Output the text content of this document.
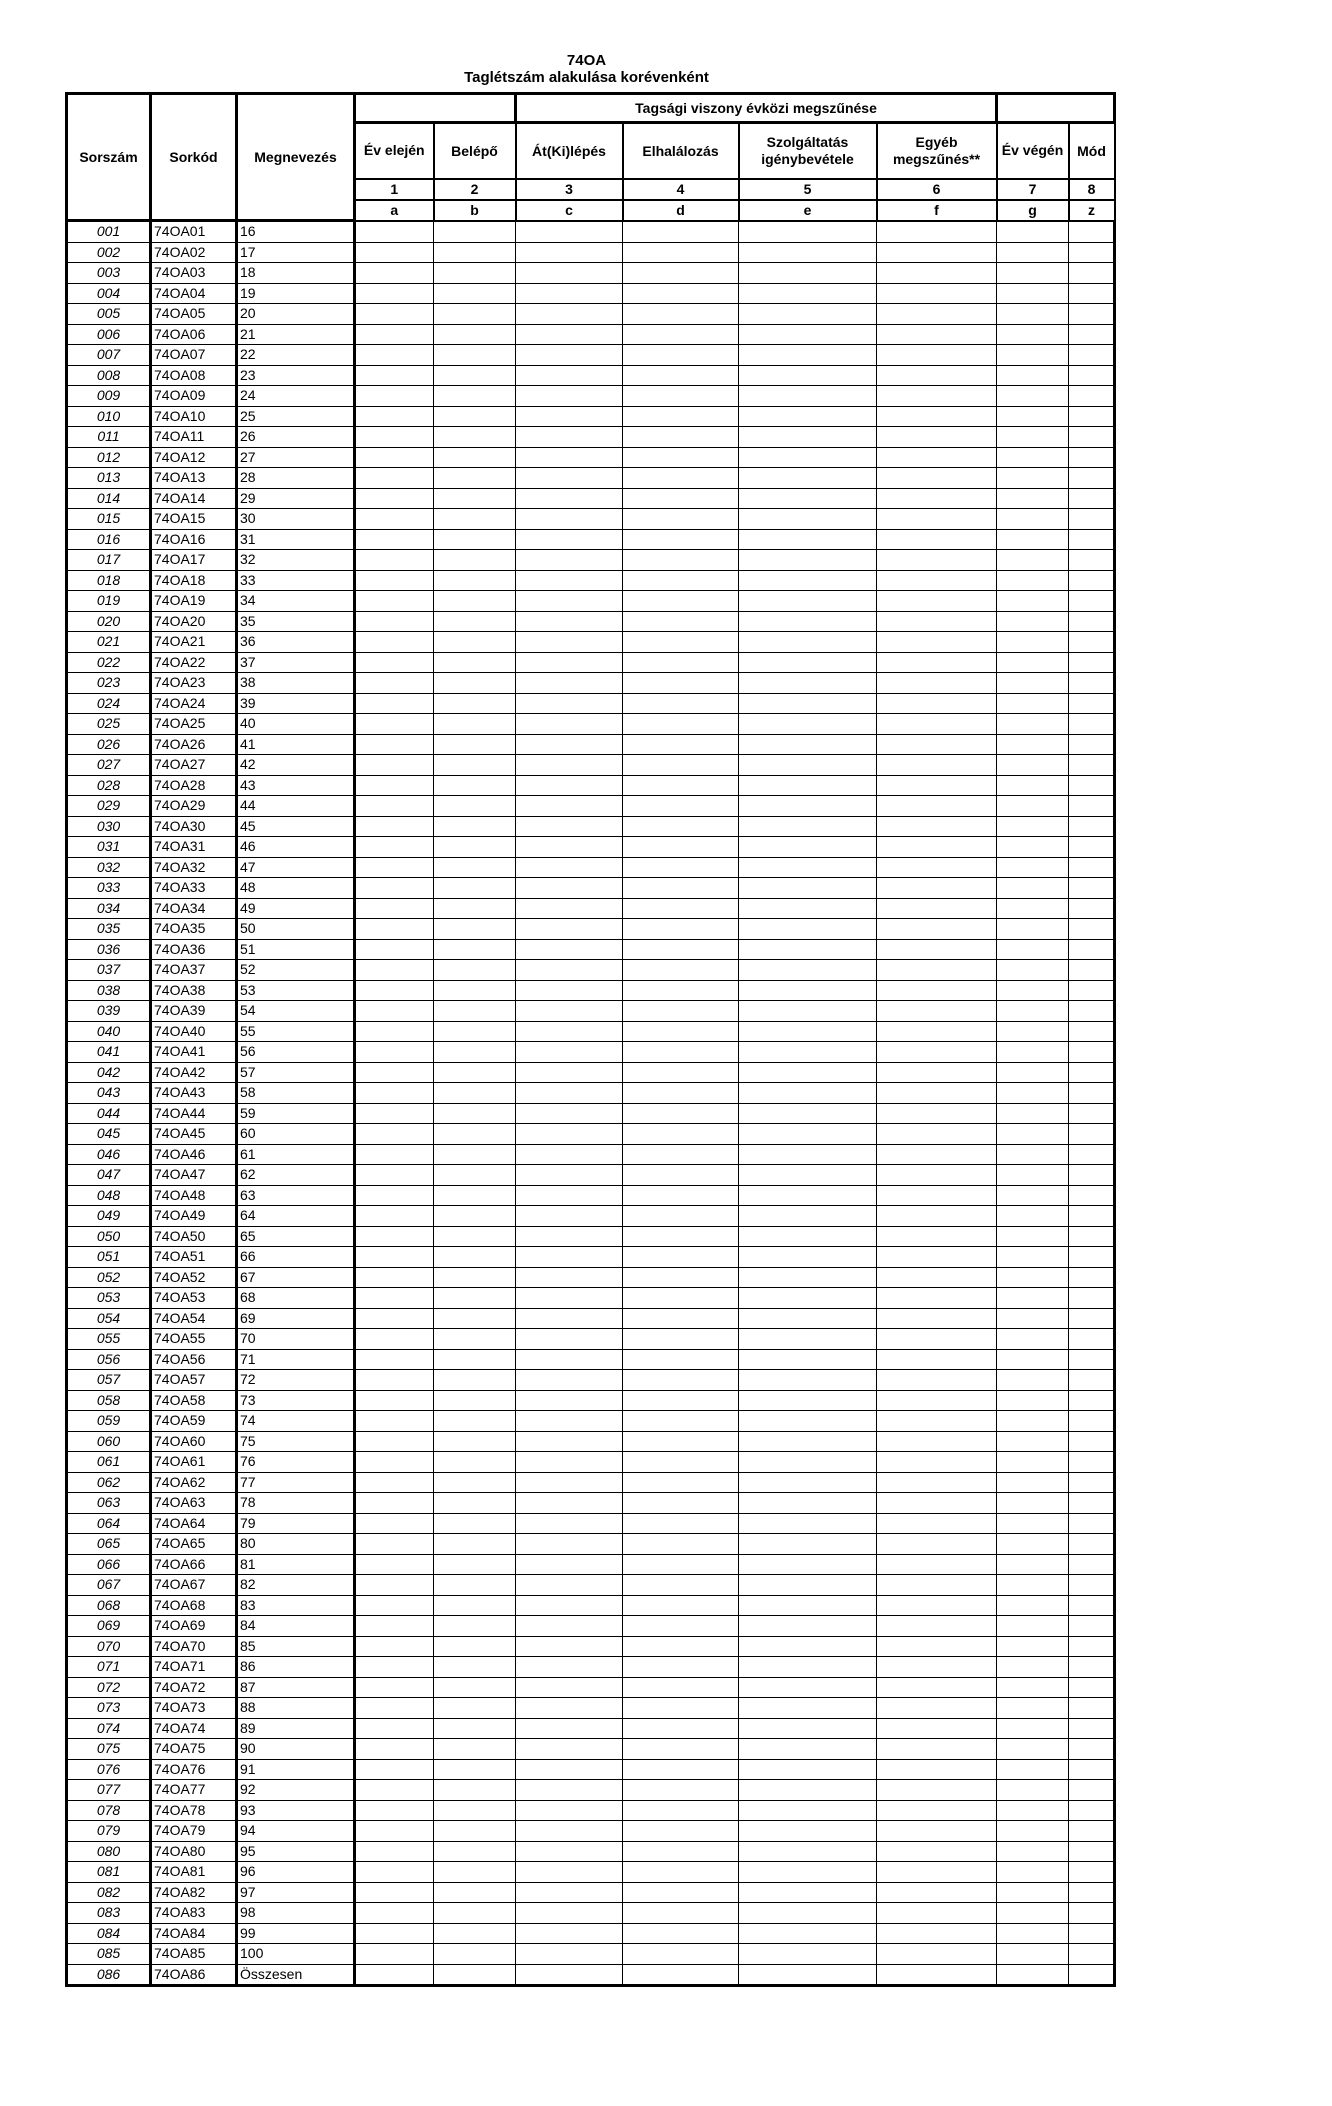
74OA
Taglétszám alakulása korévenként
Sorszám	Sorkód	Megnevezés			Tagsági viszony évközi megszűnése					
			Év elején	Belépő	Át(Ki)lépés	Elhalálozás	Szolgáltatás igénybevétele	Egyéb megszűnés**	Év végén	Mód
			1	2	3	4	5	6	7	8
			a	b	c	d	e	f	g	z
001	74OA01	16								
002	74OA02	17								
003	74OA03	18								
004	74OA04	19								
005	74OA05	20								
006	74OA06	21								
007	74OA07	22								
008	74OA08	23								
009	74OA09	24								
010	74OA10	25								
011	74OA11	26								
012	74OA12	27								
013	74OA13	28								
014	74OA14	29								
015	74OA15	30								
016	74OA16	31								
017	74OA17	32								
018	74OA18	33								
019	74OA19	34								
020	74OA20	35								
021	74OA21	36								
022	74OA22	37								
023	74OA23	38								
024	74OA24	39								
025	74OA25	40								
026	74OA26	41								
027	74OA27	42								
028	74OA28	43								
029	74OA29	44								
030	74OA30	45								
031	74OA31	46								
032	74OA32	47								
033	74OA33	48								
034	74OA34	49								
035	74OA35	50								
036	74OA36	51								
037	74OA37	52								
038	74OA38	53								
039	74OA39	54								
040	74OA40	55								
041	74OA41	56								
042	74OA42	57								
043	74OA43	58								
044	74OA44	59								
045	74OA45	60								
046	74OA46	61								
047	74OA47	62								
048	74OA48	63								
049	74OA49	64								
050	74OA50	65								
051	74OA51	66								
052	74OA52	67								
053	74OA53	68								
054	74OA54	69								
055	74OA55	70								
056	74OA56	71								
057	74OA57	72								
058	74OA58	73								
059	74OA59	74								
060	74OA60	75								
061	74OA61	76								
062	74OA62	77								
063	74OA63	78								
064	74OA64	79								
065	74OA65	80								
066	74OA66	81								
067	74OA67	82								
068	74OA68	83								
069	74OA69	84								
070	74OA70	85								
071	74OA71	86								
072	74OA72	87								
073	74OA73	88								
074	74OA74	89								
075	74OA75	90								
076	74OA76	91								
077	74OA77	92								
078	74OA78	93								
079	74OA79	94								
080	74OA80	95								
081	74OA81	96								
082	74OA82	97								
083	74OA83	98								
084	74OA84	99								
085	74OA85	100								
086	74OA86	Összesen								
